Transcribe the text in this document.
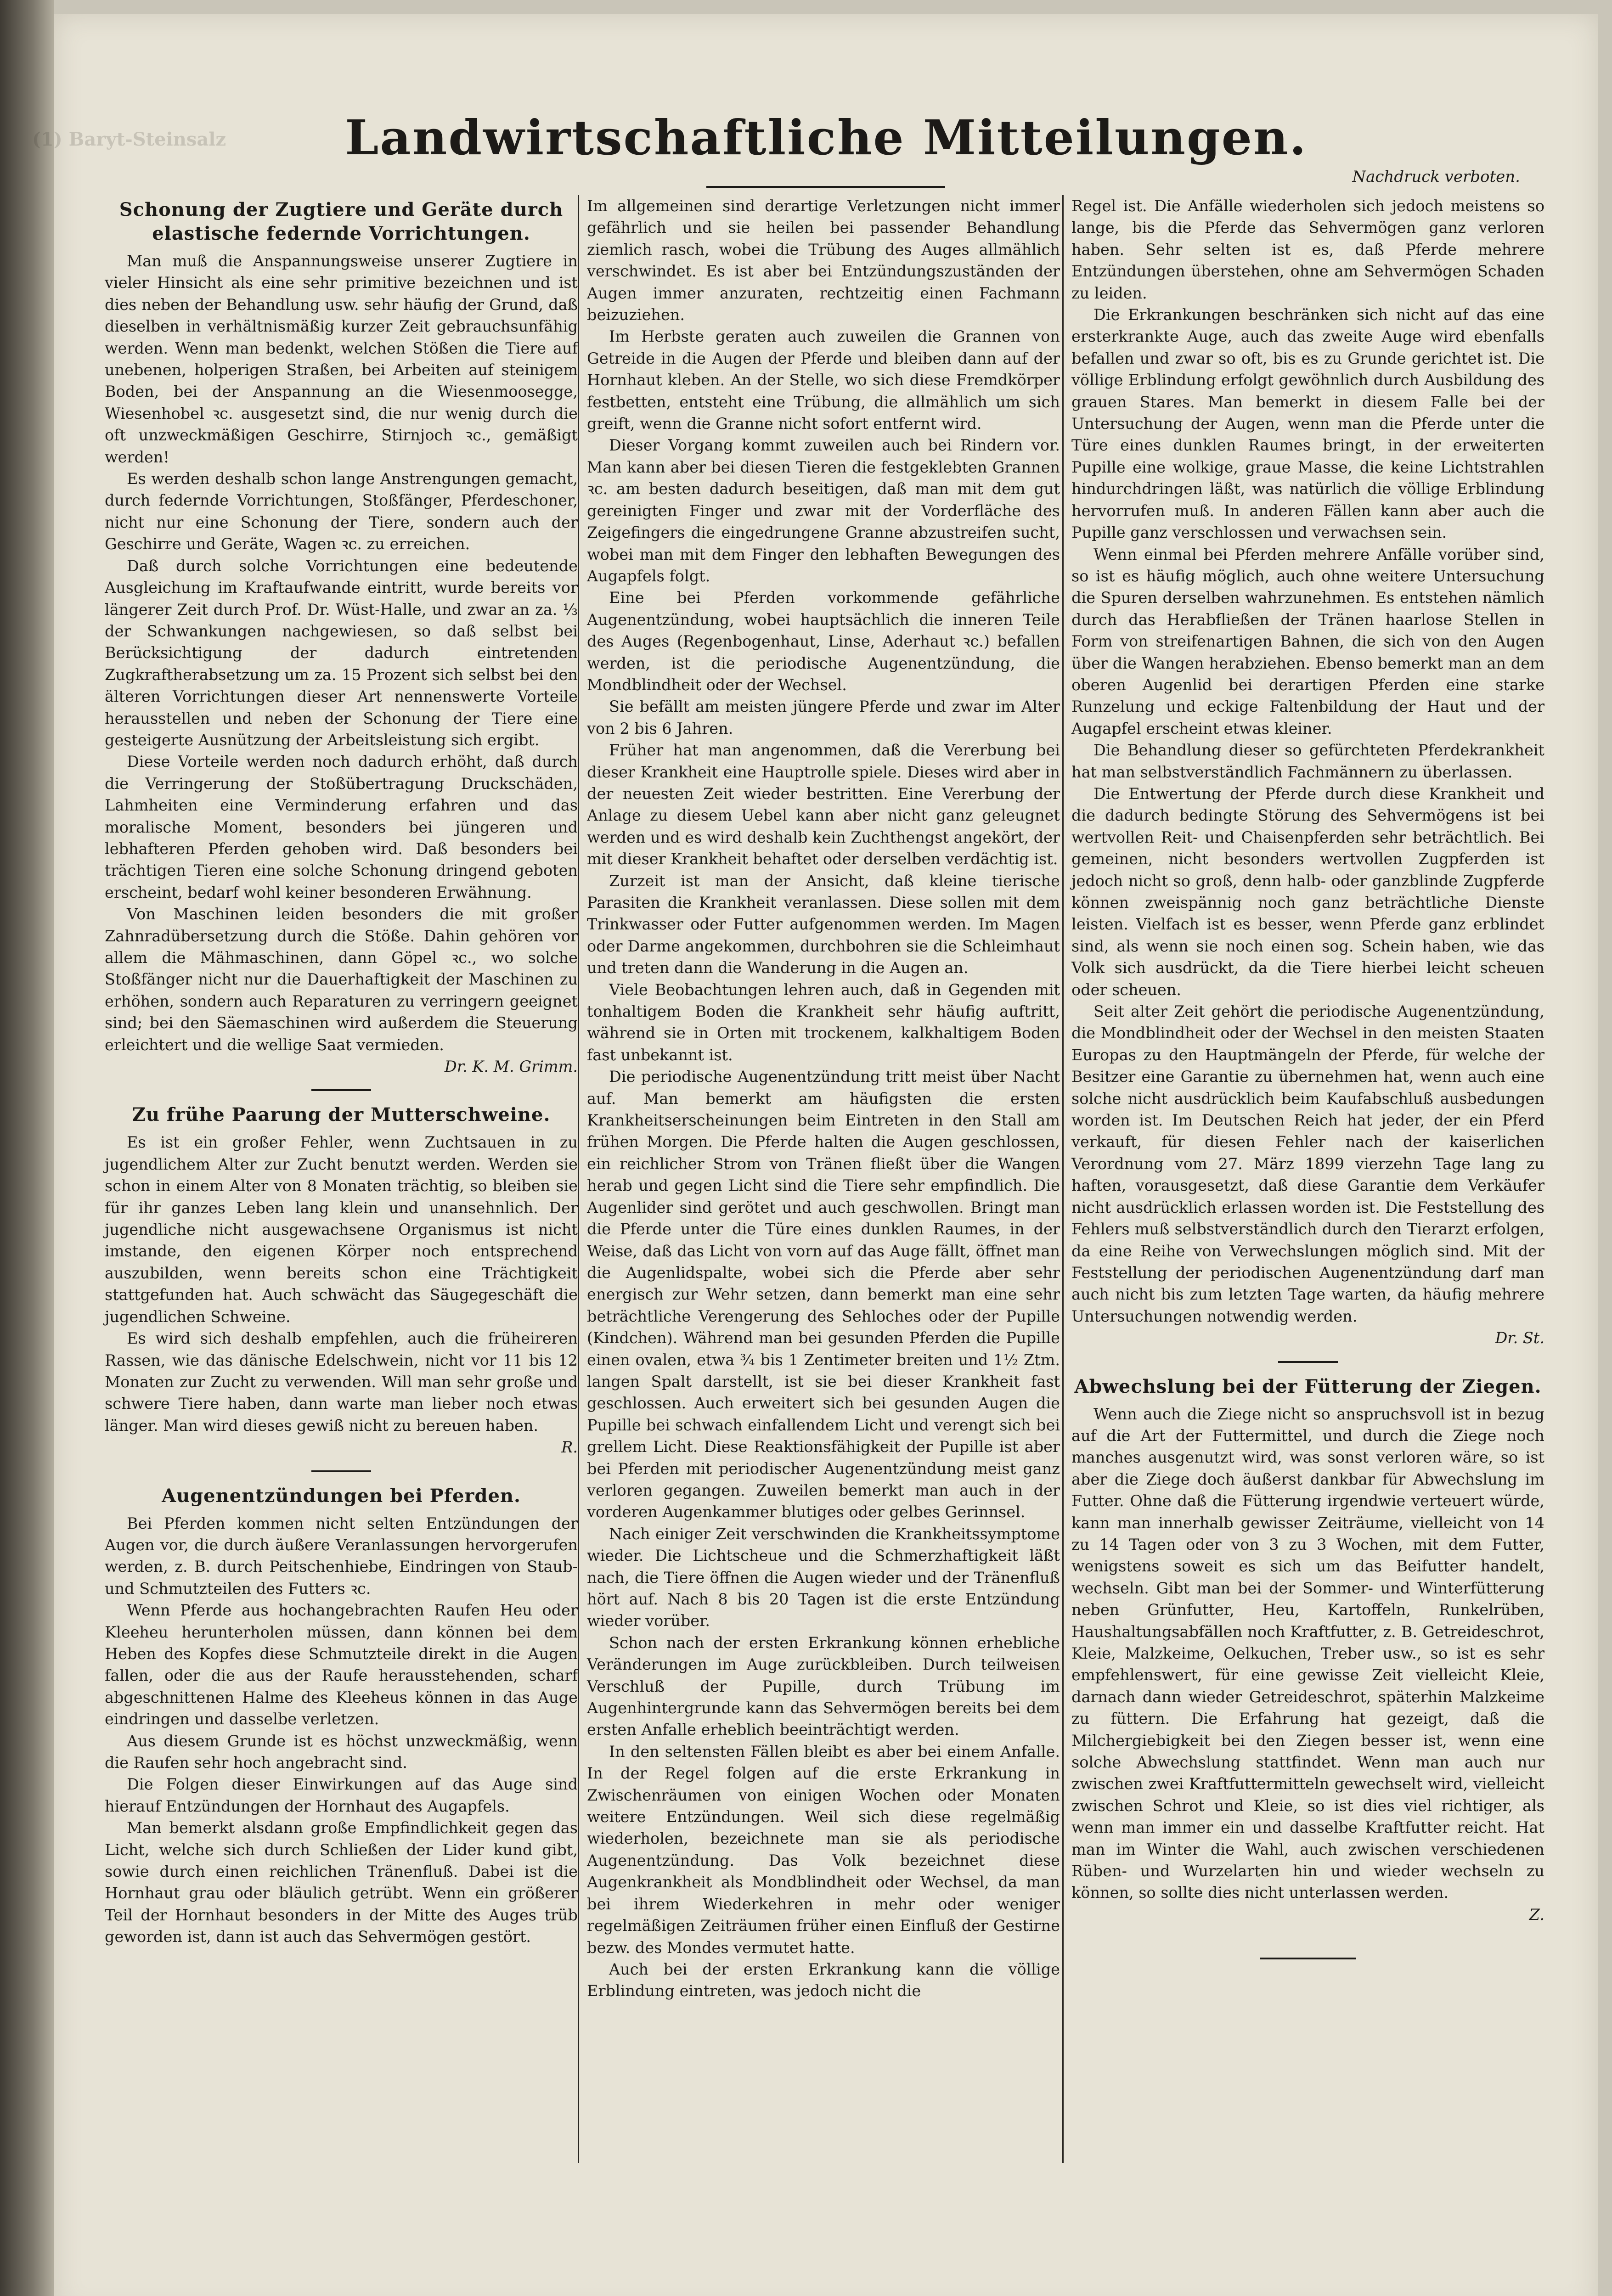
Landwirtschaftliche Mitteilungen.
Nachdruck verboten.
Schonung der Zugtiere und Geräte durch elastische federnde Vorrichtungen.

Man muß die Anspannungsweise unserer Zugtiere in vieler Hinsicht als eine sehr primitive bezeichnen und ist dies neben der Behandlung usw. sehr häufig der Grund, daß dieselben in verhältnismäßig kurzer Zeit gebrauchsunfähig werden. Wenn man bedenkt, welchen Stößen die Tiere auf unebenen, holperigen Straßen, bei Arbeiten auf steinigem Boden, bei der Anspannung an die Wiesenmoosegge, Wiesenhobel ꝛc. ausgesetzt sind, die nur wenig durch die oft unzweckmäßigen Geschirre, Stirnjoch ꝛc., gemäßigt werden!

Es werden deshalb schon lange Anstrengungen gemacht, durch federnde Vorrichtungen, Stoßfänger, Pferdeschoner, nicht nur eine Schonung der Tiere, sondern auch der Geschirre und Geräte, Wagen ꝛc. zu erreichen.

Daß durch solche Vorrichtungen eine bedeutende Ausgleichung im Kraftaufwande eintritt, wurde bereits vor längerer Zeit durch Prof. Dr. Wüst-Halle, und zwar an za. ⅓ der Schwankungen nachgewiesen, so daß selbst bei Berücksichtigung der dadurch eintretenden Zugkraftherabsetzung um za. 15 Prozent sich selbst bei den älteren Vorrichtungen dieser Art nennenswerte Vorteile herausstellen und neben der Schonung der Tiere eine gesteigerte Ausnützung der Arbeitsleistung sich ergibt.

Diese Vorteile werden noch dadurch erhöht, daß durch die Verringerung der Stoßübertragung Druckschäden, Lahmheiten eine Verminderung erfahren und das moralische Moment, besonders bei jüngeren und lebhafteren Pferden gehoben wird. Daß besonders bei trächtigen Tieren eine solche Schonung dringend geboten erscheint, bedarf wohl keiner besonderen Erwähnung.

Von Maschinen leiden besonders die mit großer Zahnradübersetzung durch die Stöße. Dahin gehören vor allem die Mähmaschinen, dann Göpel ꝛc., wo solche Stoßfänger nicht nur die Dauerhaftigkeit der Maschinen zu erhöhen, sondern auch Reparaturen zu verringern geeignet sind; bei den Säemaschinen wird außerdem die Steuerung erleichtert und die wellige Saat vermieden.

Dr. K. M. Grimm.
Zu frühe Paarung der Mutterschweine.

Es ist ein großer Fehler, wenn Zuchtsauen in zu jugendlichem Alter zur Zucht benutzt werden. Werden sie schon in einem Alter von 8 Monaten trächtig, so bleiben sie für ihr ganzes Leben lang klein und unansehnlich. Der jugendliche nicht ausgewachsene Organismus ist nicht imstande, den eigenen Körper noch entsprechend auszubilden, wenn bereits schon eine Trächtigkeit stattgefunden hat. Auch schwächt das Säugegeschäft die jugendlichen Schweine.

Es wird sich deshalb empfehlen, auch die früheireren Rassen, wie das dänische Edelschwein, nicht vor 11 bis 12 Monaten zur Zucht zu verwenden. Will man sehr große und schwere Tiere haben, dann warte man lieber noch etwas länger. Man wird dieses gewiß nicht zu bereuen haben.

R.
Augenentzündungen bei Pferden.

Bei Pferden kommen nicht selten Entzündungen der Augen vor, die durch äußere Veranlassungen hervorgerufen werden, z. B. durch Peitschenhiebe, Eindringen von Staub- und Schmutzteilen des Futters ꝛc.

Wenn Pferde aus hochangebrachten Raufen Heu oder Kleeheu herunterholen müssen, dann können bei dem Heben des Kopfes diese Schmutzteile direkt in die Augen fallen, oder die aus der Raufe herausstehenden, scharf abgeschnittenen Halme des Kleeheus können in das Auge eindringen und dasselbe verletzen.

Aus diesem Grunde ist es höchst unzweckmäßig, wenn die Raufen sehr hoch angebracht sind.

Die Folgen dieser Einwirkungen auf das Auge sind hierauf Entzündungen der Hornhaut des Augapfels.

Man bemerkt alsdann große Empfindlichkeit gegen das Licht, welche sich durch Schließen der Lider kund gibt, sowie durch einen reichlichen Tränenfluß. Dabei ist die Hornhaut grau oder bläulich getrübt. Wenn ein größerer Teil der Hornhaut besonders in der Mitte des Auges trüb geworden ist, dann ist auch das Sehvermögen gestört.

Im allgemeinen sind derartige Verletzungen nicht immer gefährlich und sie heilen bei passender Behandlung ziemlich rasch, wobei die Trübung des Auges allmählich verschwindet. Es ist aber bei Entzündungszuständen der Augen immer anzuraten, rechtzeitig einen Fachmann beizuziehen.

Im Herbste geraten auch zuweilen die Grannen von Getreide in die Augen der Pferde und bleiben dann auf der Hornhaut kleben. An der Stelle, wo sich diese Fremdkörper festbetten, entsteht eine Trübung, die allmählich um sich greift, wenn die Granne nicht sofort entfernt wird.

Dieser Vorgang kommt zuweilen auch bei Rindern vor. Man kann aber bei diesen Tieren die festgeklebten Grannen ꝛc. am besten dadurch beseitigen, daß man mit dem gut gereinigten Finger und zwar mit der Vorderfläche des Zeigefingers die eingedrungene Granne abzustreifen sucht, wobei man mit dem Finger den lebhaften Bewegungen des Augapfels folgt.

Eine bei Pferden vorkommende gefährliche Augenentzündung, wobei hauptsächlich die inneren Teile des Auges (Regenbogenhaut, Linse, Aderhaut ꝛc.) befallen werden, ist die periodische Augenentzündung, die Mondblindheit oder der Wechsel.

Sie befällt am meisten jüngere Pferde und zwar im Alter von 2 bis 6 Jahren.

Früher hat man angenommen, daß die Vererbung bei dieser Krankheit eine Hauptrolle spiele. Dieses wird aber in der neuesten Zeit wieder bestritten. Eine Vererbung der Anlage zu diesem Uebel kann aber nicht ganz geleugnet werden und es wird deshalb kein Zuchthengst angekört, der mit dieser Krankheit behaftet oder derselben verdächtig ist.

Zurzeit ist man der Ansicht, daß kleine tierische Parasiten die Krankheit veranlassen. Diese sollen mit dem Trinkwasser oder Futter aufgenommen werden. Im Magen oder Darme angekommen, durchbohren sie die Schleimhaut und treten dann die Wanderung in die Augen an.

Viele Beobachtungen lehren auch, daß in Gegenden mit tonhaltigem Boden die Krankheit sehr häufig auftritt, während sie in Orten mit trockenem, kalkhaltigem Boden fast unbekannt ist.

Die periodische Augenentzündung tritt meist über Nacht auf. Man bemerkt am häufigsten die ersten Krankheitserscheinungen beim Eintreten in den Stall am frühen Morgen. Die Pferde halten die Augen geschlossen, ein reichlicher Strom von Tränen fließt über die Wangen herab und gegen Licht sind die Tiere sehr empfindlich. Die Augenlider sind gerötet und auch geschwollen. Bringt man die Pferde unter die Türe eines dunklen Raumes, in der Weise, daß das Licht von vorn auf das Auge fällt, öffnet man die Augenlidspalte, wobei sich die Pferde aber sehr energisch zur Wehr setzen, dann bemerkt man eine sehr beträchtliche Verengerung des Sehloches oder der Pupille (Kindchen). Während man bei gesunden Pferden die Pupille einen ovalen, etwa ¾ bis 1 Zentimeter breiten und 1½ Ztm. langen Spalt darstellt, ist sie bei dieser Krankheit fast geschlossen. Auch erweitert sich bei gesunden Augen die Pupille bei schwach einfallendem Licht und verengt sich bei grellem Licht. Diese Reaktionsfähigkeit der Pupille ist aber bei Pferden mit periodischer Augenentzündung meist ganz verloren gegangen. Zuweilen bemerkt man auch in der vorderen Augenkammer blutiges oder gelbes Gerinnsel.

Nach einiger Zeit verschwinden die Krankheitssymptome wieder. Die Lichtscheue und die Schmerzhaftigkeit läßt nach, die Tiere öffnen die Augen wieder und der Tränenfluß hört auf. Nach 8 bis 20 Tagen ist die erste Entzündung wieder vorüber.

Schon nach der ersten Erkrankung können erhebliche Veränderungen im Auge zurückbleiben. Durch teilweisen Verschluß der Pupille, durch Trübung im Augenhintergrunde kann das Sehvermögen bereits bei dem ersten Anfalle erheblich beeinträchtigt werden.

In den seltensten Fällen bleibt es aber bei einem Anfalle. In der Regel folgen auf die erste Erkrankung in Zwischenräumen von einigen Wochen oder Monaten weitere Entzündungen. Weil sich diese regelmäßig wiederholen, bezeichnete man sie als periodische Augenentzündung. Das Volk bezeichnet diese Augenkrankheit als Mondblindheit oder Wechsel, da man bei ihrem Wiederkehren in mehr oder weniger regelmäßigen Zeiträumen früher einen Einfluß der Gestirne bezw. des Mondes vermutet hatte.

Auch bei der ersten Erkrankung kann die völlige Erblindung eintreten, was jedoch nicht die

Regel ist. Die Anfälle wiederholen sich jedoch meistens so lange, bis die Pferde das Sehvermögen ganz verloren haben. Sehr selten ist es, daß Pferde mehrere Entzündungen überstehen, ohne am Sehvermögen Schaden zu leiden.

Die Erkrankungen beschränken sich nicht auf das eine ersterkrankte Auge, auch das zweite Auge wird ebenfalls befallen und zwar so oft, bis es zu Grunde gerichtet ist. Die völlige Erblindung erfolgt gewöhnlich durch Ausbildung des grauen Stares. Man bemerkt in diesem Falle bei der Untersuchung der Augen, wenn man die Pferde unter die Türe eines dunklen Raumes bringt, in der erweiterten Pupille eine wolkige, graue Masse, die keine Lichtstrahlen hindurchdringen läßt, was natürlich die völlige Erblindung hervorrufen muß. In anderen Fällen kann aber auch die Pupille ganz verschlossen und verwachsen sein.

Wenn einmal bei Pferden mehrere Anfälle vorüber sind, so ist es häufig möglich, auch ohne weitere Untersuchung die Spuren derselben wahrzunehmen. Es entstehen nämlich durch das Herabfließen der Tränen haarlose Stellen in Form von streifenartigen Bahnen, die sich von den Augen über die Wangen herabziehen. Ebenso bemerkt man an dem oberen Augenlid bei derartigen Pferden eine starke Runzelung und eckige Faltenbildung der Haut und der Augapfel erscheint etwas kleiner.

Die Behandlung dieser so gefürchteten Pferdekrankheit hat man selbstverständlich Fachmännern zu überlassen.

Die Entwertung der Pferde durch diese Krankheit und die dadurch bedingte Störung des Sehvermögens ist bei wertvollen Reit- und Chaisenpferden sehr beträchtlich. Bei gemeinen, nicht besonders wertvollen Zugpferden ist jedoch nicht so groß, denn halb- oder ganzblinde Zugpferde können zweispännig noch ganz beträchtliche Dienste leisten. Vielfach ist es besser, wenn Pferde ganz erblindet sind, als wenn sie noch einen sog. Schein haben, wie das Volk sich ausdrückt, da die Tiere hierbei leicht scheuen oder scheuen.

Seit alter Zeit gehört die periodische Augenentzündung, die Mondblindheit oder der Wechsel in den meisten Staaten Europas zu den Hauptmängeln der Pferde, für welche der Besitzer eine Garantie zu übernehmen hat, wenn auch eine solche nicht ausdrücklich beim Kaufabschluß ausbedungen worden ist. Im Deutschen Reich hat jeder, der ein Pferd verkauft, für diesen Fehler nach der kaiserlichen Verordnung vom 27. März 1899 vierzehn Tage lang zu haften, vorausgesetzt, daß diese Garantie dem Verkäufer nicht ausdrücklich erlassen worden ist. Die Feststellung des Fehlers muß selbstverständlich durch den Tierarzt erfolgen, da eine Reihe von Verwechslungen möglich sind. Mit der Feststellung der periodischen Augenentzündung darf man auch nicht bis zum letzten Tage warten, da häufig mehrere Untersuchungen notwendig werden.

Dr. St.
Abwechslung bei der Fütterung der Ziegen.

Wenn auch die Ziege nicht so anspruchsvoll ist in bezug auf die Art der Futtermittel, und durch die Ziege noch manches ausgenutzt wird, was sonst verloren wäre, so ist aber die Ziege doch äußerst dankbar für Abwechslung im Futter. Ohne daß die Fütterung irgendwie verteuert würde, kann man innerhalb gewisser Zeiträume, vielleicht von 14 zu 14 Tagen oder von 3 zu 3 Wochen, mit dem Futter, wenigstens soweit es sich um das Beifutter handelt, wechseln. Gibt man bei der Sommer- und Winterfütterung neben Grünfutter, Heu, Kartoffeln, Runkelrüben, Haushaltungsabfällen noch Kraftfutter, z. B. Getreideschrot, Kleie, Malzkeime, Oelkuchen, Treber usw., so ist es sehr empfehlenswert, für eine gewisse Zeit vielleicht Kleie, darnach dann wieder Getreideschrot, späterhin Malzkeime zu füttern. Die Erfahrung hat gezeigt, daß die Milchergiebigkeit bei den Ziegen besser ist, wenn eine solche Abwechslung stattfindet. Wenn man auch nur zwischen zwei Kraftfuttermitteln gewechselt wird, vielleicht zwischen Schrot und Kleie, so ist dies viel richtiger, als wenn man immer ein und dasselbe Kraftfutter reicht. Hat man im Winter die Wahl, auch zwischen verschiedenen Rüben- und Wurzelarten hin und wieder wechseln zu können, so sollte dies nicht unterlassen werden.

Z.
(1) Baryt-Steinsalz
